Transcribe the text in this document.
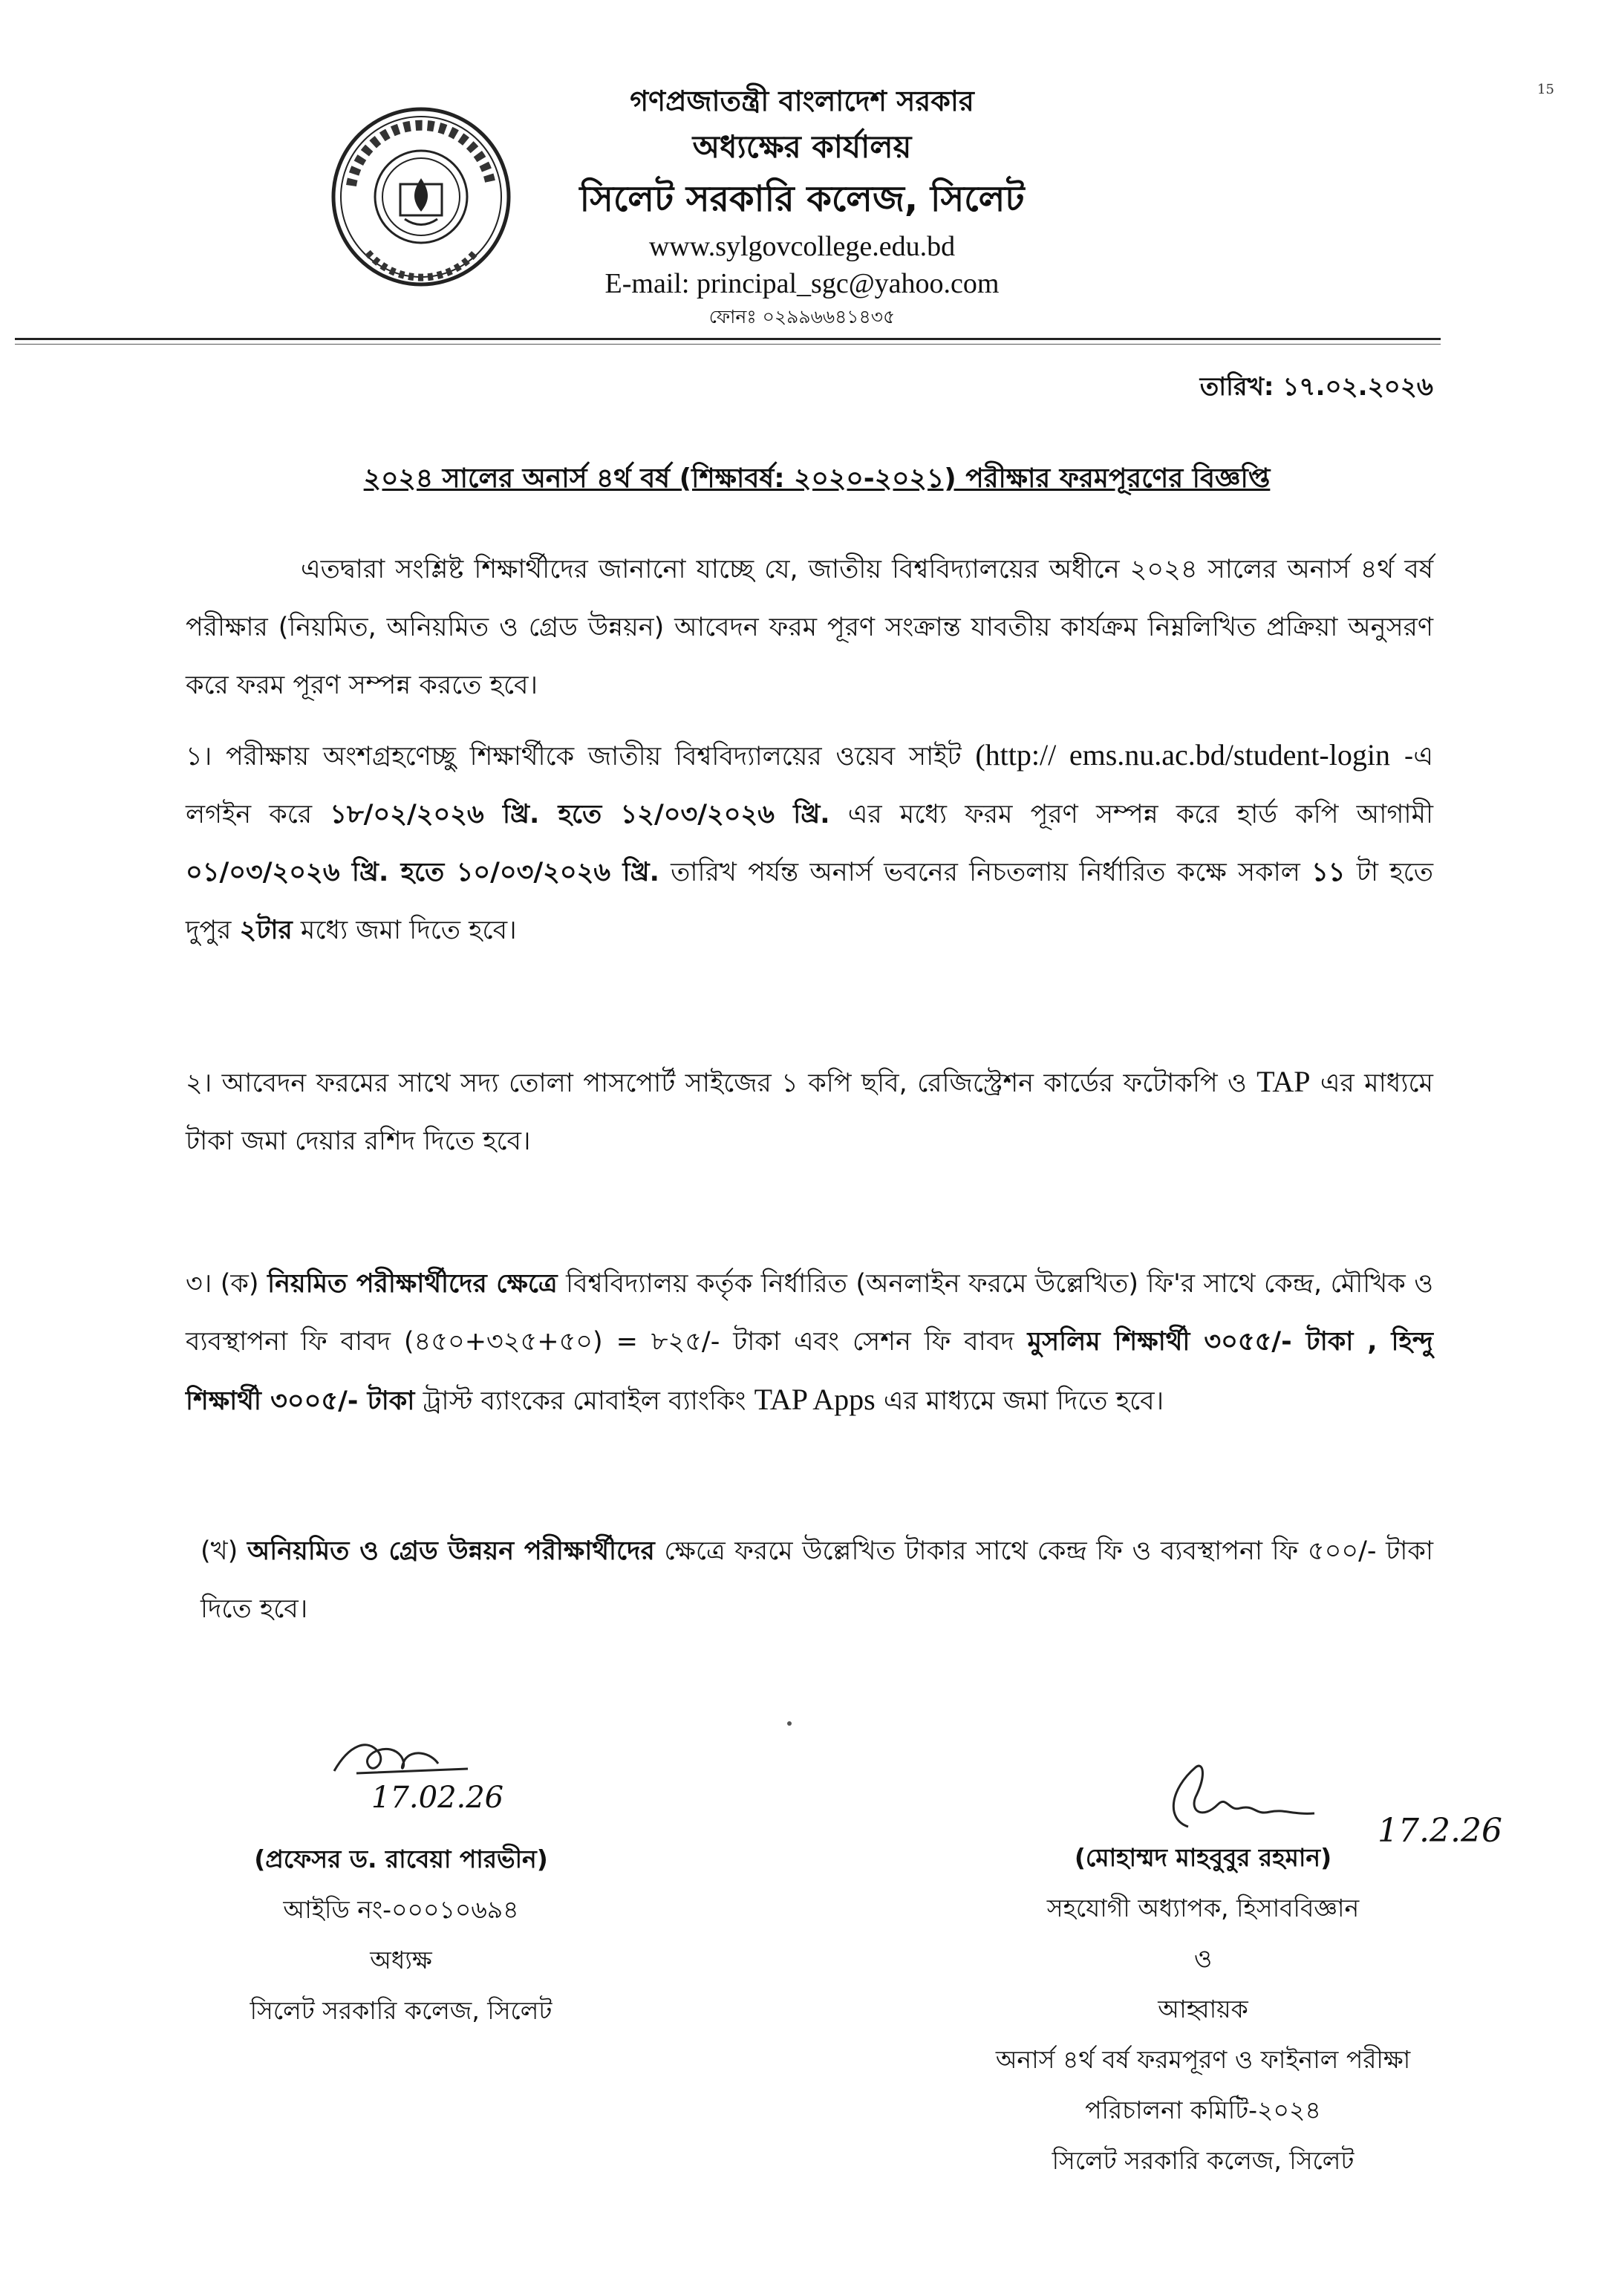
15
গণপ্রজাতন্ত্রী বাংলাদেশ সরকার
অধ্যক্ষের কার্যালয়
সিলেট সরকারি কলেজ, সিলেট
www.sylgovcollege.edu.bd
E-mail: principal_sgc@yahoo.com
ফোনঃ ০২৯৯৬৬৪১৪৩৫
তারিখ: ১৭.০২.২০২৬
২০২৪ সালের অনার্স ৪র্থ বর্ষ (শিক্ষাবর্ষ: ২০২০-২০২১) পরীক্ষার ফরমপূরণের বিজ্ঞপ্তি

এতদ্বারা সংশ্লিষ্ট শিক্ষার্থীদের জানানো যাচ্ছে যে, জাতীয় বিশ্ববিদ্যালয়ের অধীনে ২০২৪ সালের অনার্স ৪র্থ বর্ষ পরীক্ষার (নিয়মিত, অনিয়মিত ও গ্রেড উন্নয়ন) আবেদন ফরম পূরণ সংক্রান্ত যাবতীয় কার্যক্রম নিম্নলিখিত প্রক্রিয়া অনুসরণ করে ফরম পূরণ সম্পন্ন করতে হবে।

১। পরীক্ষায় অংশগ্রহণেচ্ছু শিক্ষার্থীকে জাতীয় বিশ্ববিদ্যালয়ের ওয়েব সাইট (http:// ems.nu.ac.bd/student-login -এ লগইন করে ১৮/০২/২০২৬ খ্রি. হতে ১২/০৩/২০২৬ খ্রি. এর মধ্যে ফরম পূরণ সম্পন্ন করে হার্ড কপি আগামী ০১/০৩/২০২৬ খ্রি. হতে ১০/০৩/২০২৬ খ্রি. তারিখ পর্যন্ত অনার্স ভবনের নিচতলায় নির্ধারিত কক্ষে সকাল ১১ টা হতে দুপুর ২টার মধ্যে জমা দিতে হবে।

২। আবেদন ফরমের সাথে সদ্য তোলা পাসপোর্ট সাইজের ১ কপি ছবি, রেজিস্ট্রেশন কার্ডের ফটোকপি ও TAP এর মাধ্যমে টাকা জমা দেয়ার রশিদ দিতে হবে।

৩। (ক) নিয়মিত পরীক্ষার্থীদের ক্ষেত্রে বিশ্ববিদ্যালয় কর্তৃক নির্ধারিত (অনলাইন ফরমে উল্লেখিত) ফি'র সাথে কেন্দ্র, মৌখিক ও ব্যবস্থাপনা ফি বাবদ (৪৫০+৩২৫+৫০) = ৮২৫/- টাকা এবং সেশন ফি বাবদ মুসলিম শিক্ষার্থী ৩০৫৫/- টাকা , হিন্দু শিক্ষার্থী ৩০০৫/- টাকা ট্রাস্ট ব্যাংকের মোবাইল ব্যাংকিং TAP Apps এর মাধ্যমে জমা দিতে হবে।

(খ) অনিয়মিত ও গ্রেড উন্নয়ন পরীক্ষার্থীদের ক্ষেত্রে ফরমে উল্লেখিত টাকার সাথে কেন্দ্র ফি ও ব্যবস্থাপনা ফি ৫০০/- টাকা দিতে হবে।

17.02.26
(প্রফেসর ড. রাবেয়া পারভীন)
আইডি নং-০০০১০৬৯৪
অধ্যক্ষ
সিলেট সরকারি কলেজ, সিলেট
17.2.26
(মোহাম্মদ মাহবুবুর রহমান)
সহযোগী অধ্যাপক, হিসাববিজ্ঞান
ও
আহ্বায়ক
অনার্স ৪র্থ বর্ষ ফরমপূরণ ও ফাইনাল পরীক্ষা
পরিচালনা কমিটি-২০২৪
সিলেট সরকারি কলেজ, সিলেট
